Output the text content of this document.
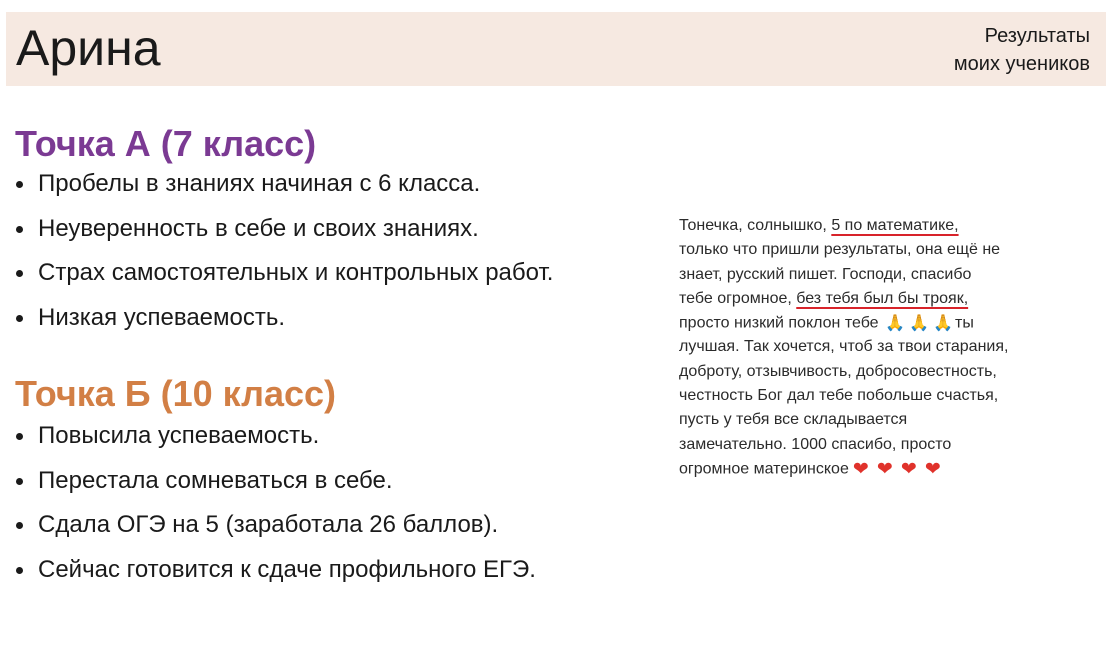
Арина	Результаты
моих учеников
Точка А (7 класс)
Пробелы в знаниях начиная с 6 класса.
Неуверенность в себе и своих знаниях.
Страх самостоятельных и контрольных работ.
Низкая успеваемость.
Точка Б (10 класс)
Повысила успеваемость.
Перестала сомневаться в себе.
Сдала ОГЭ на 5 (заработала 26 баллов).
Сейчас готовится к сдаче профильного ЕГЭ.
Тонечка, солнышко, 5 по математике,
только что пришли результаты, она ещё не
знает, русский пишет. Господи, спасибо
тебе огромное, без тебя был бы трояк,
просто низкий поклон тебе 🙏 🙏 🙏 ты
лучшая. Так хочется, чтоб за твои старания,
доброту, отзывчивость, добросовестность,
честность Бог дал тебе побольше счастья,
пусть у тебя все складывается
замечательно. 1000 спасибо, просто
огромное материнское ❤ ❤ ❤ ❤
